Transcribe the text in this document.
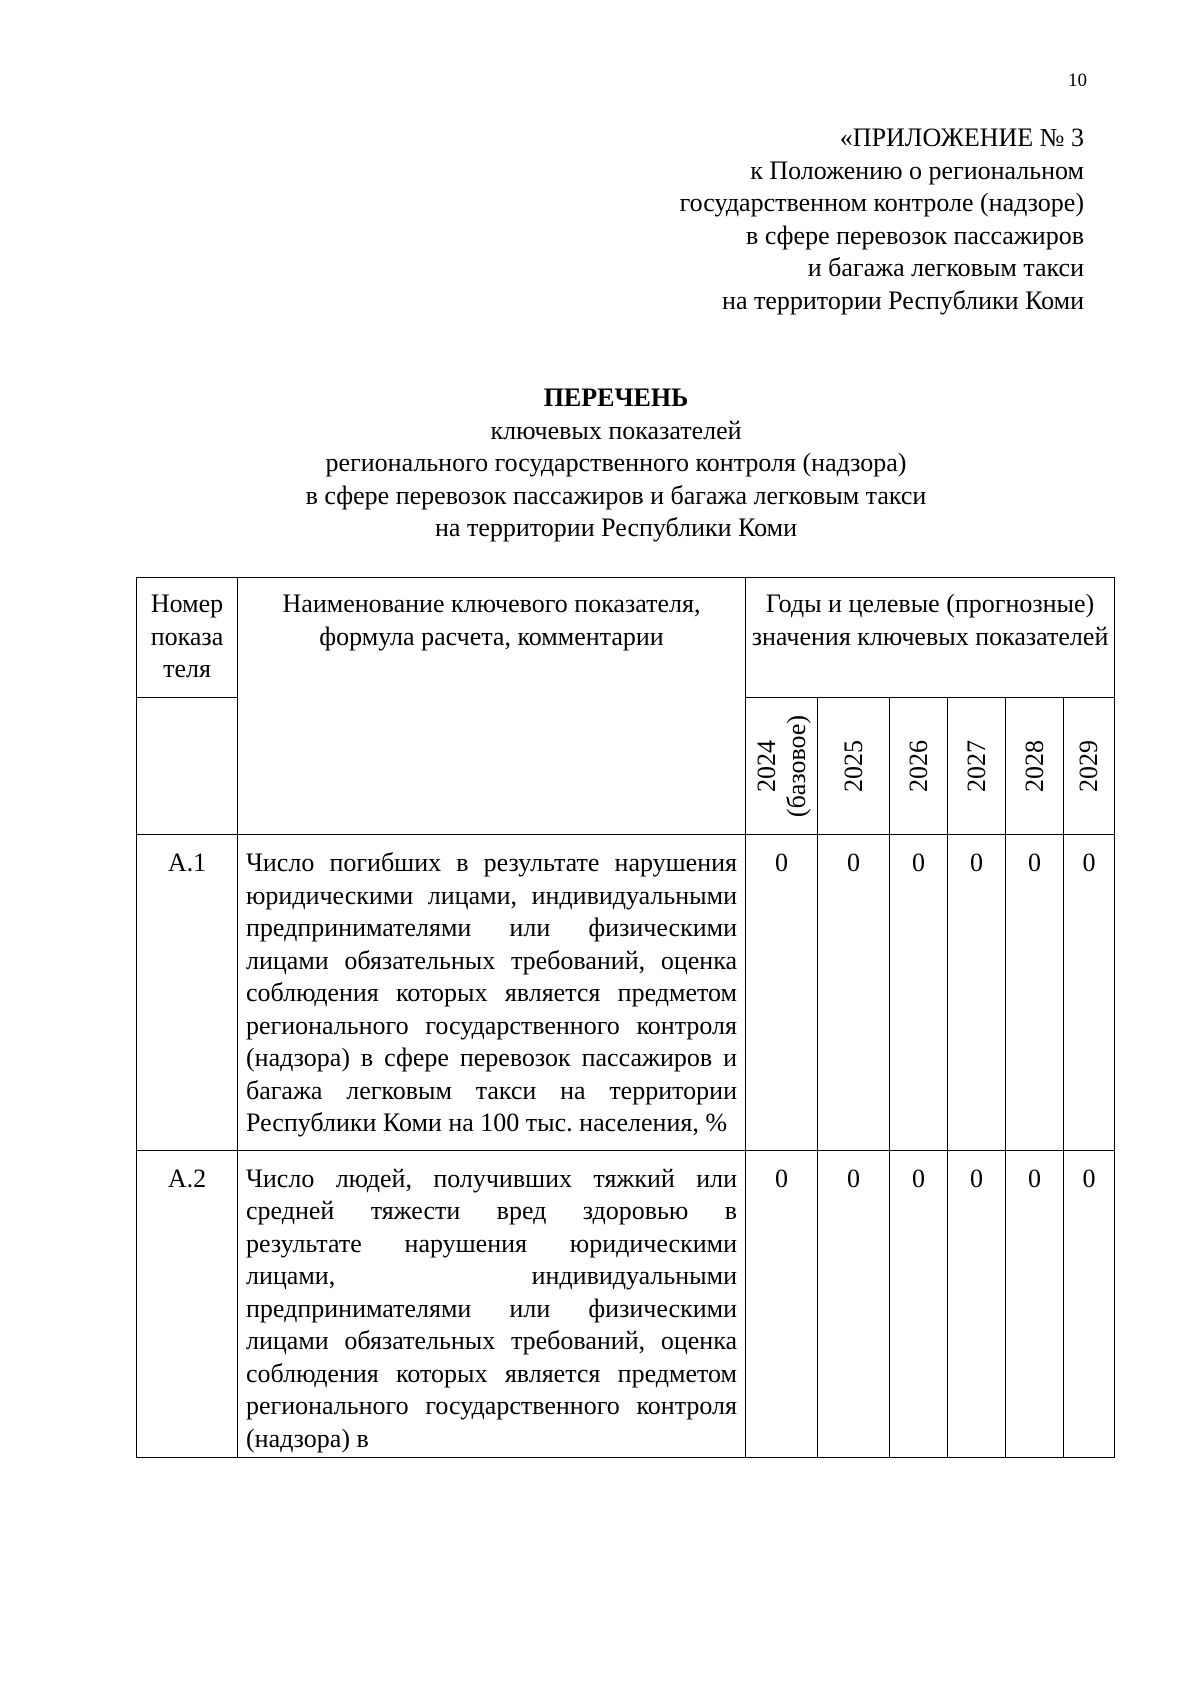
10
«ПРИЛОЖЕНИЕ № 3
к Положению о региональном
государственном контроле (надзоре)
в сфере перевозок пассажиров
и багажа легковым такси
на территории Республики Коми
ПЕРЕЧЕНЬ
ключевых показателей
регионального государственного контроля (надзора)
в сфере перевозок пассажиров и багажа легковым такси
на территории Республики Коми
Номер показа теля	Наименование ключевого показателя, формула расчета, комментарии	Годы и целевые (прогнозные) значения ключевых показателей					

		2024 (базовое)	2025	2026	2027	2028	2029

А.1	Число погибших в результате нарушения юридическими лицами, индивидуальными предпринимателями или физическими лицами обязательных требований, оценка соблюдения которых является предметом регионального государственного контроля (надзора) в сфере перевозок пассажиров и багажа легковым такси на территории Республики Коми на 100 тыс. населения, %	0	0	0	0	0	0
А.2	Число людей, получивших тяжкий или средней тяжести вред здоровью в результате нарушения юридическими лицами, индивидуальными предпринимателями или физическими лицами обязательных требований, оценка соблюдения которых является предметом регионального государственного контроля (надзора) в	0	0	0	0	0	0
